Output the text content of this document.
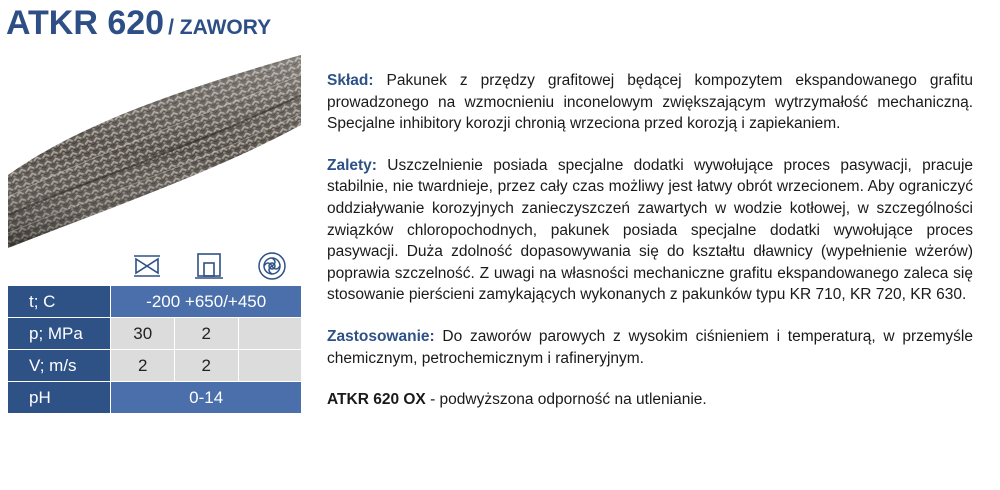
ATKR 620 / ZAWORY
t; C	-200 +650/+450		
p; MPa	30	2	
V; m/s	2	2	
pH	0-14		

Skład: Pakunek z przędzy grafitowej będącej kompozytem ekspandowanego grafitu prowadzonego na wzmocnieniu inconelowym zwiększającym wytrzymałość mechaniczną. Specjalne inhibitory korozji chronią wrzeciona przed korozją i zapiekaniem.

Zalety: Uszczelnienie posiada specjalne dodatki wywołujące proces pasywacji, pracuje stabilnie, nie twardnieje, przez cały czas możliwy jest łatwy obrót wrzecionem. Aby ograniczyć oddziaływanie korozyjnych zanieczyszczeń zawartych w wodzie kotłowej, w szczególności związków chloropochodnych, pakunek posiada specjalne dodatki wywołujące proces pasywacji. Duża zdolność dopasowywania się do kształtu dławnicy (wypełnienie wżerów) poprawia szczelność. Z uwagi na własności mechaniczne grafitu ekspandowanego zaleca się stosowanie pierścieni zamykających wykonanych z pakunków typu KR 710, KR 720, KR 630.

Zastosowanie: Do zaworów parowych z wysokim ciśnieniem i temperaturą, w przemyśle chemicznym, petrochemicznym i rafineryjnym.

ATKR 620 OX - podwyższona odporność na utlenianie.
